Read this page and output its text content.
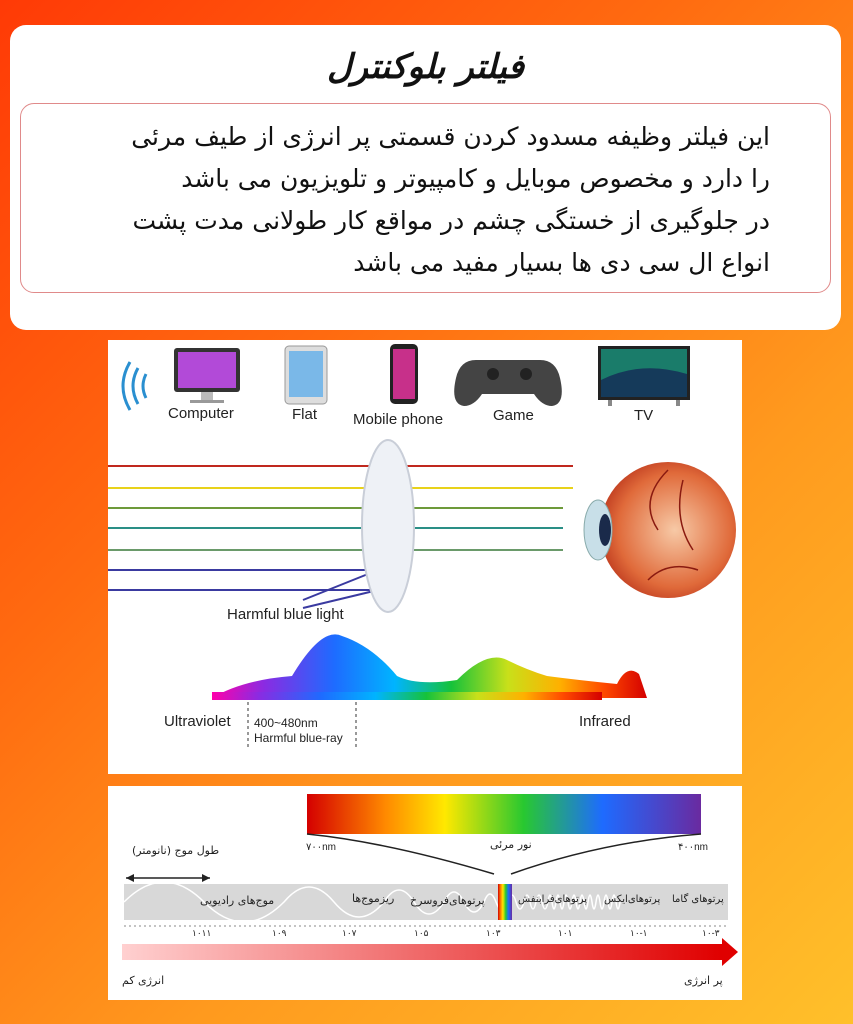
فیلتر بلوکنترل
این فیلتر وظیفه مسدود کردن قسمتی پر انرژی از طیف مرئی
را دارد و مخصوص موبایل و کامپیوتر و تلویزیون می باشد
در جلوگیری از خستگی چشم در مواقع کار طولانی مدت پشت
انواع ال سی دی ها بسیار مفید می باشد
Computer	Flat Mobile phone	Game	TV
Harmful blue light
Ultraviolet 400~480nm
Harmful blue-ray
Infrared
۷۰۰nm	۴۰۰nm
نور مرئی
طول موج (نانومتر)
موج‌های رادیویی	ریزموج‌ها پرتوهای‌فروسرخ	پرتوهای‌فرابنفش پرتوهای‌ایکس پرتوهای گاما
۱۰۱۱	۱۰۹	۱۰۷	۱۰۵	۱۰۳	۱۰۱	۱۰-۱	۱۰-۳
انرژی کم	پر انرژی
